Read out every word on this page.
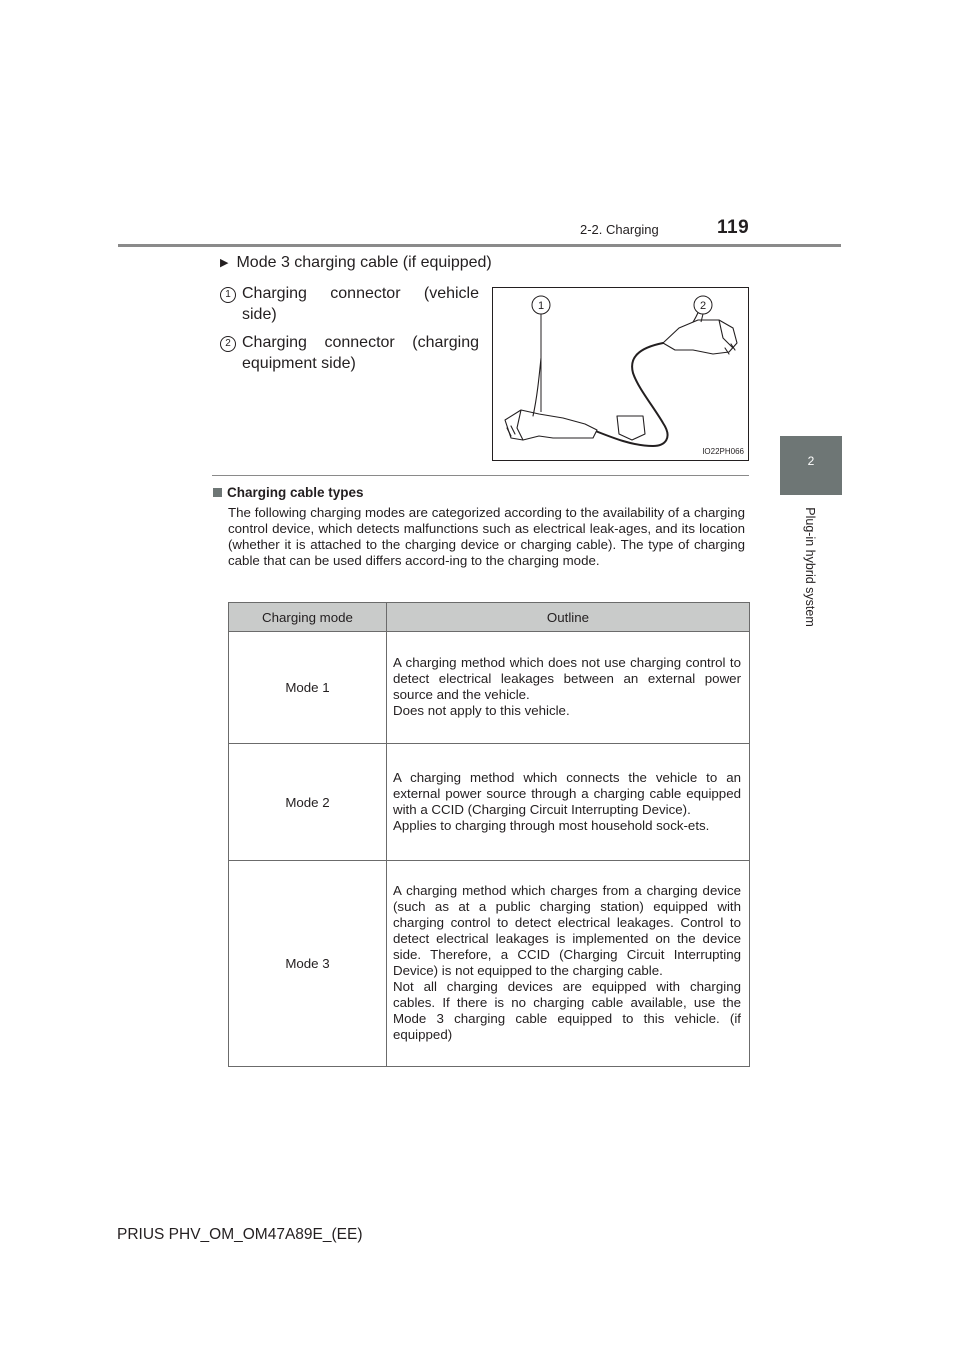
2-2. Charging	119
2
Plug-in hybrid system
▶ Mode 3 charging cable (if equipped)
1 Charging connector (vehicle side)
2 Charging connector (charging equipment side)
1	2
IO22PH066
Charging cable types
The following charging modes are categorized according to the availability of a charging control device, which detects malfunctions such as electrical leak-ages, and its location (whether it is attached to the charging device or charging cable). The type of charging cable that can be used differs accord-ing to the charging mode.
Charging mode	Outline
Mode 1	A charging method which does not use charging control to detect electrical leakages between an external power source and the vehicle.
Does not apply to this vehicle.

Mode 2	A charging method which connects the vehicle to an external power source through a charging cable equipped with a CCID (Charging Circuit Interrupting Device).
Applies to charging through most household sock-ets.

Mode 3	A charging method which charges from a charging device (such as at a public charging station) equipped with charging control to detect electrical leakages. Control to detect electrical leakages is implemented on the device side. Therefore, a CCID (Charging Circuit Interrupting Device) is not equipped to the charging cable.
Not all charging devices are equipped with charging cables. If there is no charging cable available, use the Mode 3 charging cable equipped to this vehicle. (if equipped)
PRIUS PHV_OM_OM47A89E_(EE)
